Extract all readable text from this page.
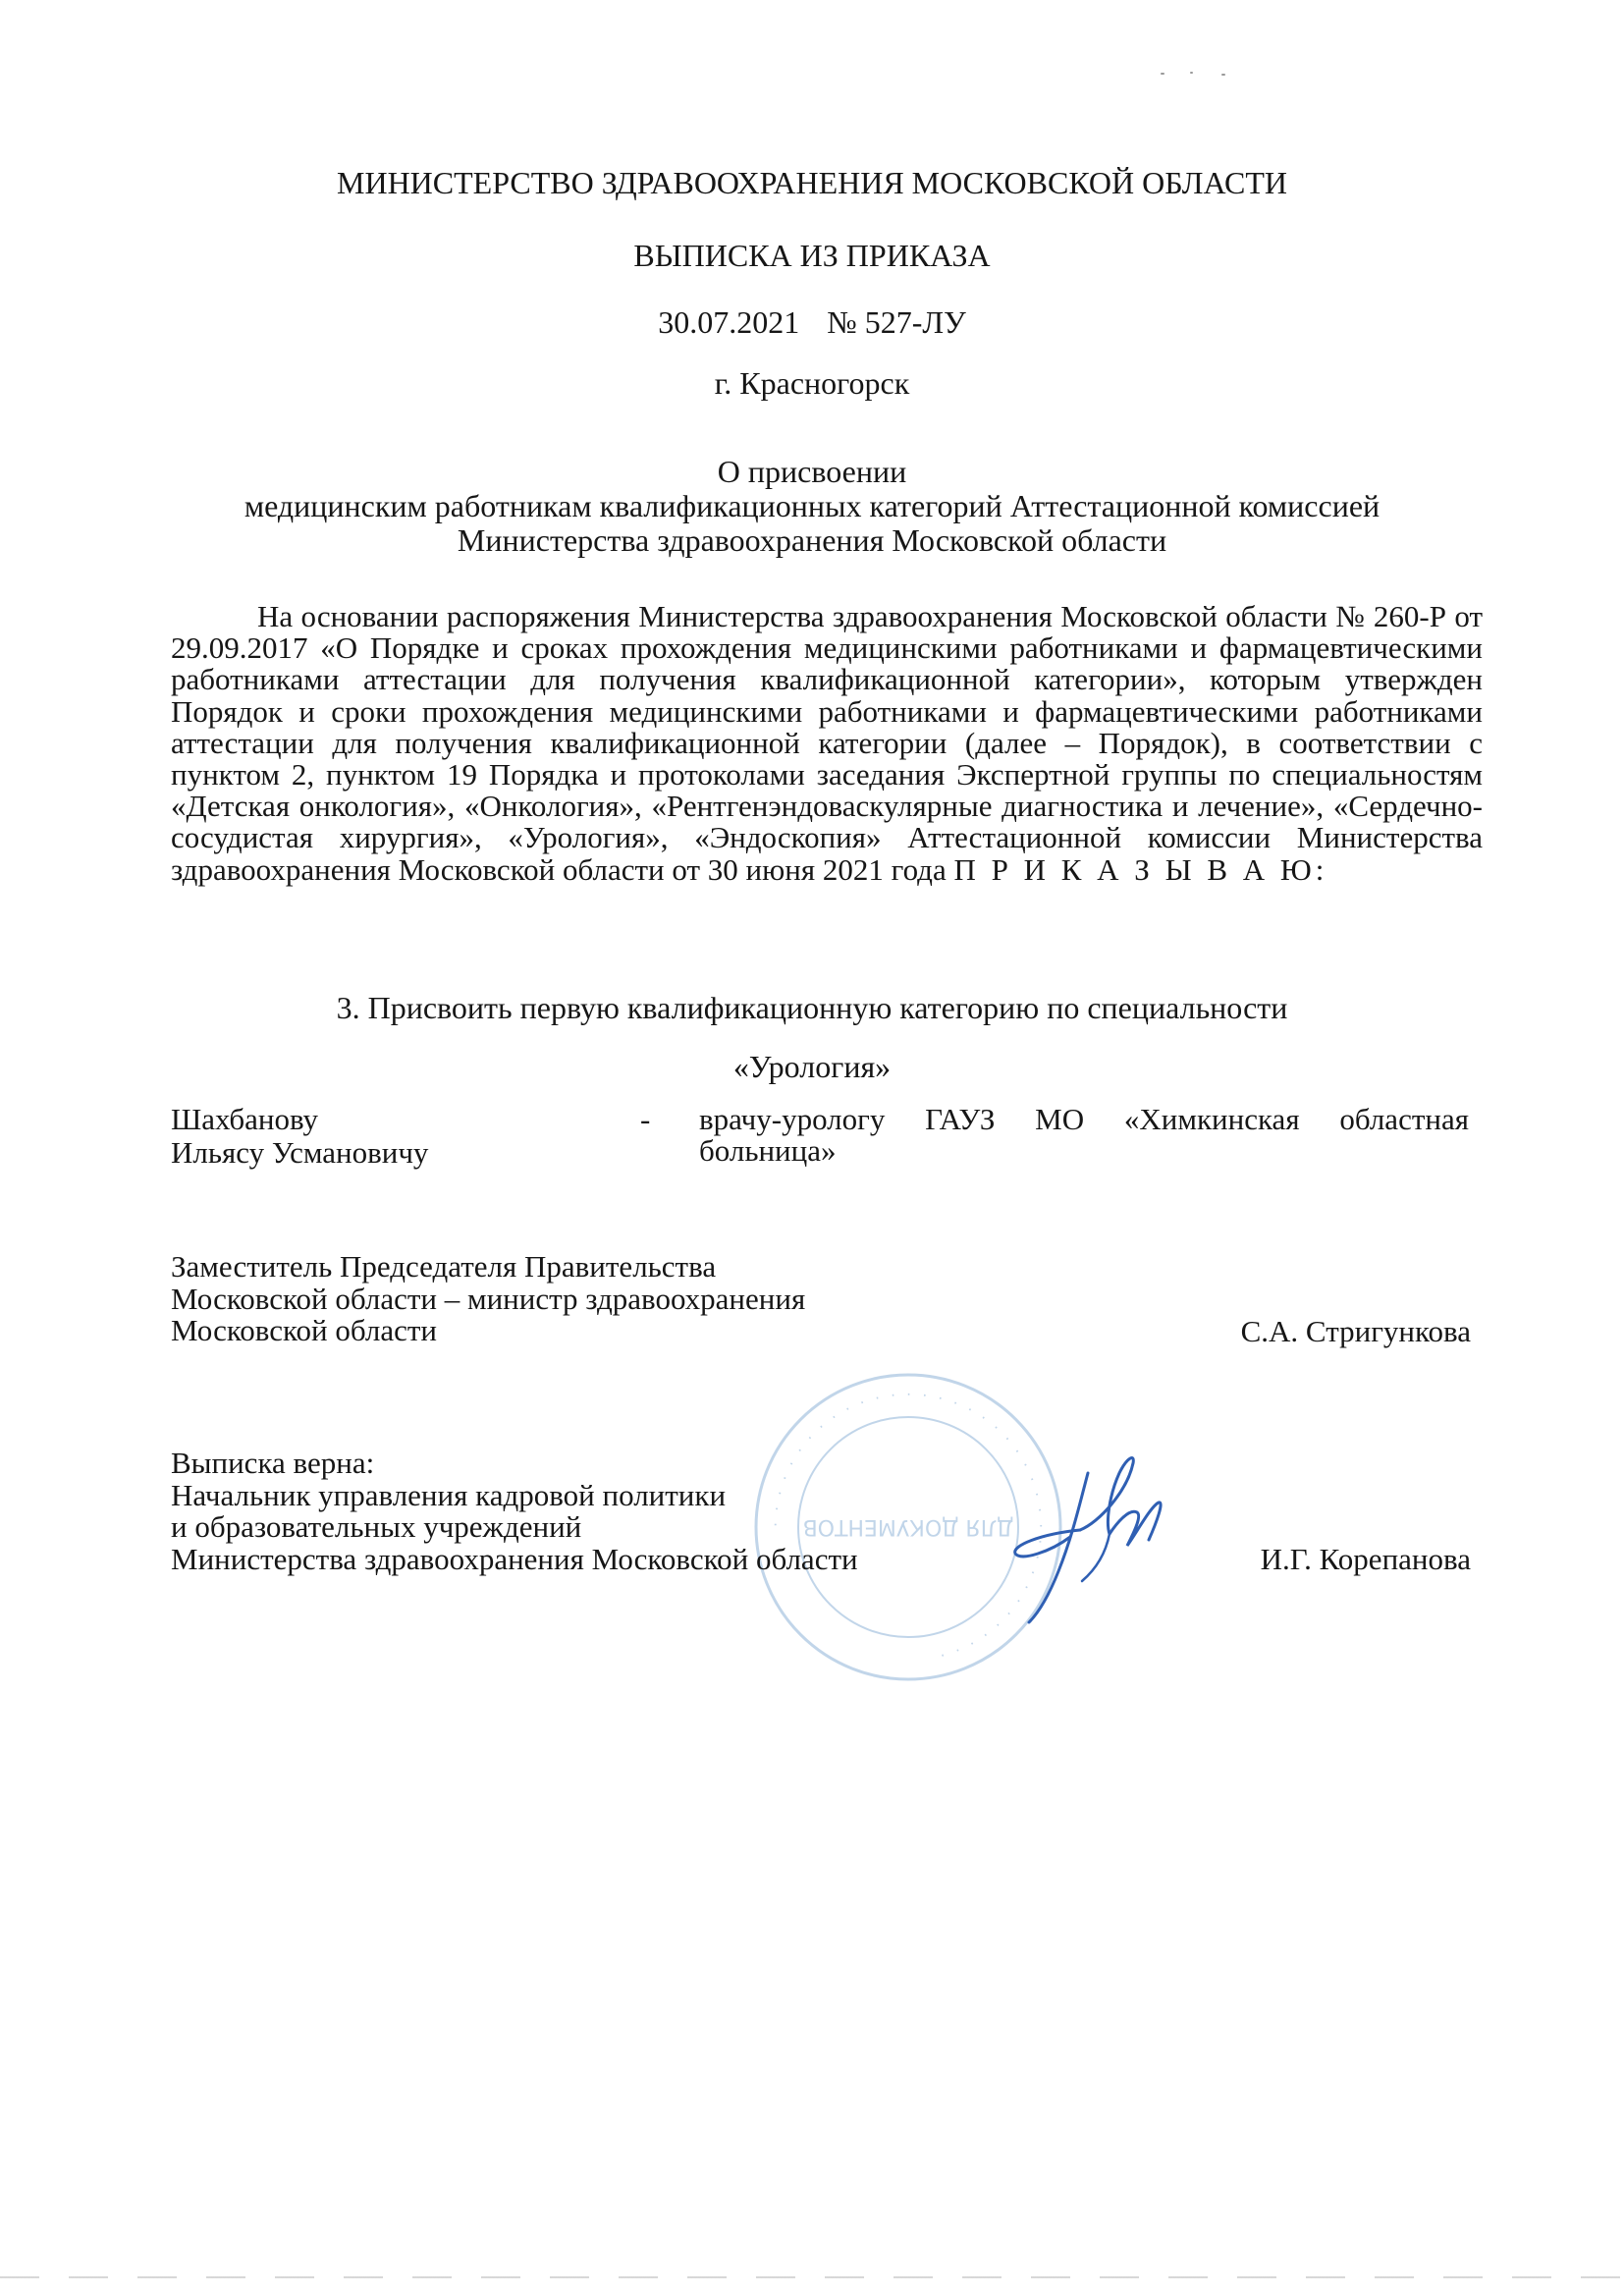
МИНИСТЕРСТВО ЗДРАВООХРАНЕНИЯ МОСКОВСКОЙ ОБЛАСТИ
ВЫПИСКА ИЗ ПРИКАЗА
30.07.2021 № 527-ЛУ
г. Красногорск
О присвоении
медицинским работникам квалификационных категорий Аттестационной комиссией
Министерства здравоохранения Московской области

На основании распоряжения Министерства здравоохранения Московской области № 260-Р от 29.09.2017 «О Порядке и сроках прохождения медицинскими работниками и фармацевтическими работниками аттестации для получения квалификационной категории», которым утвержден Порядок и сроки прохождения медицинскими работниками и фармацевтическими работниками аттестации для получения квалификационной категории (далее – Порядок), в соответствии с пунктом 2, пунктом 19 Порядка и протоколами заседания Экспертной группы по специальностям «Детская онкология», «Онкология», «Рентгенэндоваскулярные диагностика и лечение», «Сердечно-сосудистая хирургия», «Урология», «Эндоскопия» Аттестационной комиссии Министерства здравоохранения Московской области от 30 июня 2021 года П Р И К А З Ы В А Ю:

3. Присвоить первую квалификационную категорию по специальности
«Урология»
Шахбанову
Ильясу Усмановичу
- врачу-урологу ГАУЗ МО «Химкинская областная больница»
Заместитель Председателя Правительства
Московской области – министр здравоохранения
Московской области	С.А. Стригункова
· · · · · · · · · · · · · · · · · · · · · · · · · · · · · · · · · · · · · ·
ДЛЯ ДОКУМЕНТОВ
Выписка верна:
Начальник управления кадровой политики
и образовательных учреждений
Министерства здравоохранения Московской области	И.Г. Корепанова
